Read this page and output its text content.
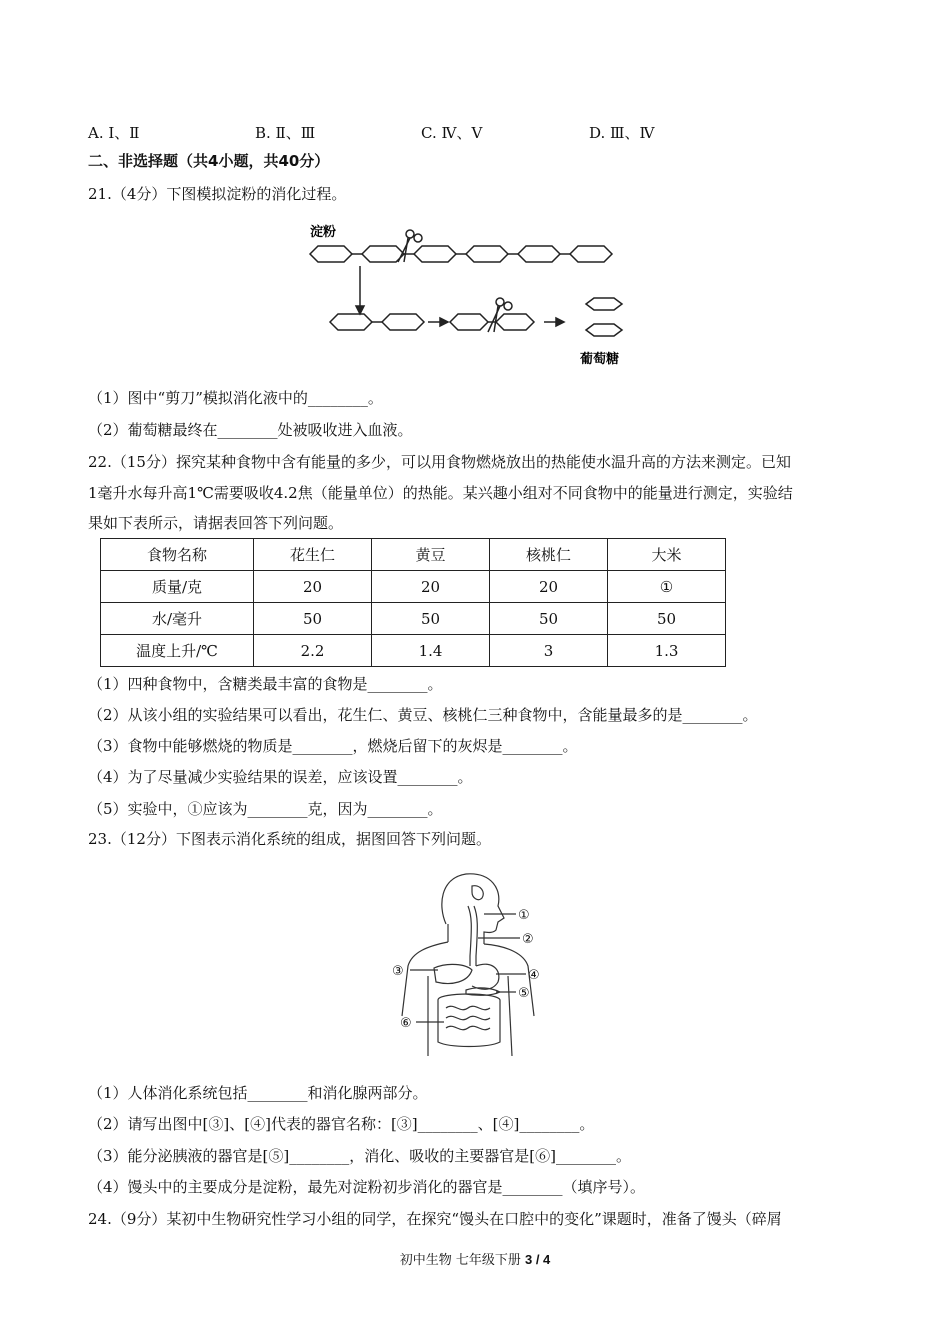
A. Ⅰ、Ⅱ	B. Ⅱ、Ⅲ	C. Ⅳ、Ⅴ	D. Ⅲ、Ⅳ
二、非选择题（共4小题，共40分）
21.（4分）下图模拟淀粉的消化过程。
淀粉
葡萄糖
（1）图中“剪刀”模拟消化液中的________。
（2）葡萄糖最终在________处被吸收进入血液。
22.（15分）探究某种食物中含有能量的多少，可以用食物燃烧放出的热能使水温升高的方法来测定。已知
1毫升水每升高1℃需要吸收4.2焦（能量单位）的热能。某兴趣小组对不同食物中的能量进行测定，实验结
果如下表所示，请据表回答下列问题。
食物名称	花生仁	黄豆	核桃仁	大米
质量/克	20	20	20	①
水/毫升	50	50	50	50
温度上升/℃	2.2	1.4	3	1.3
（1）四种食物中，含糖类最丰富的食物是________。
（2）从该小组的实验结果可以看出，花生仁、黄豆、核桃仁三种食物中，含能量最多的是________。
（3）食物中能够燃烧的物质是________，燃烧后留下的灰烬是________。
（4）为了尽量减少实验结果的误差，应该设置________。
（5）实验中，①应该为________克，因为________。
23.（12分）下图表示消化系统的组成，据图回答下列问题。
①
②
③	④
⑤
⑥
（1）人体消化系统包括________和消化腺两部分。
（2）请写出图中[③]、[④]代表的器官名称：[③]________、[④]________。
（3）能分泌胰液的器官是[⑤]________，消化、吸收的主要器官是[⑥]________。
（4）馒头中的主要成分是淀粉，最先对淀粉初步消化的器官是________（填序号）。
24.（9分）某初中生物研究性学习小组的同学，在探究“馒头在口腔中的变化”课题时，准备了馒头（碎屑
初中生物 七年级下册 3 / 4
